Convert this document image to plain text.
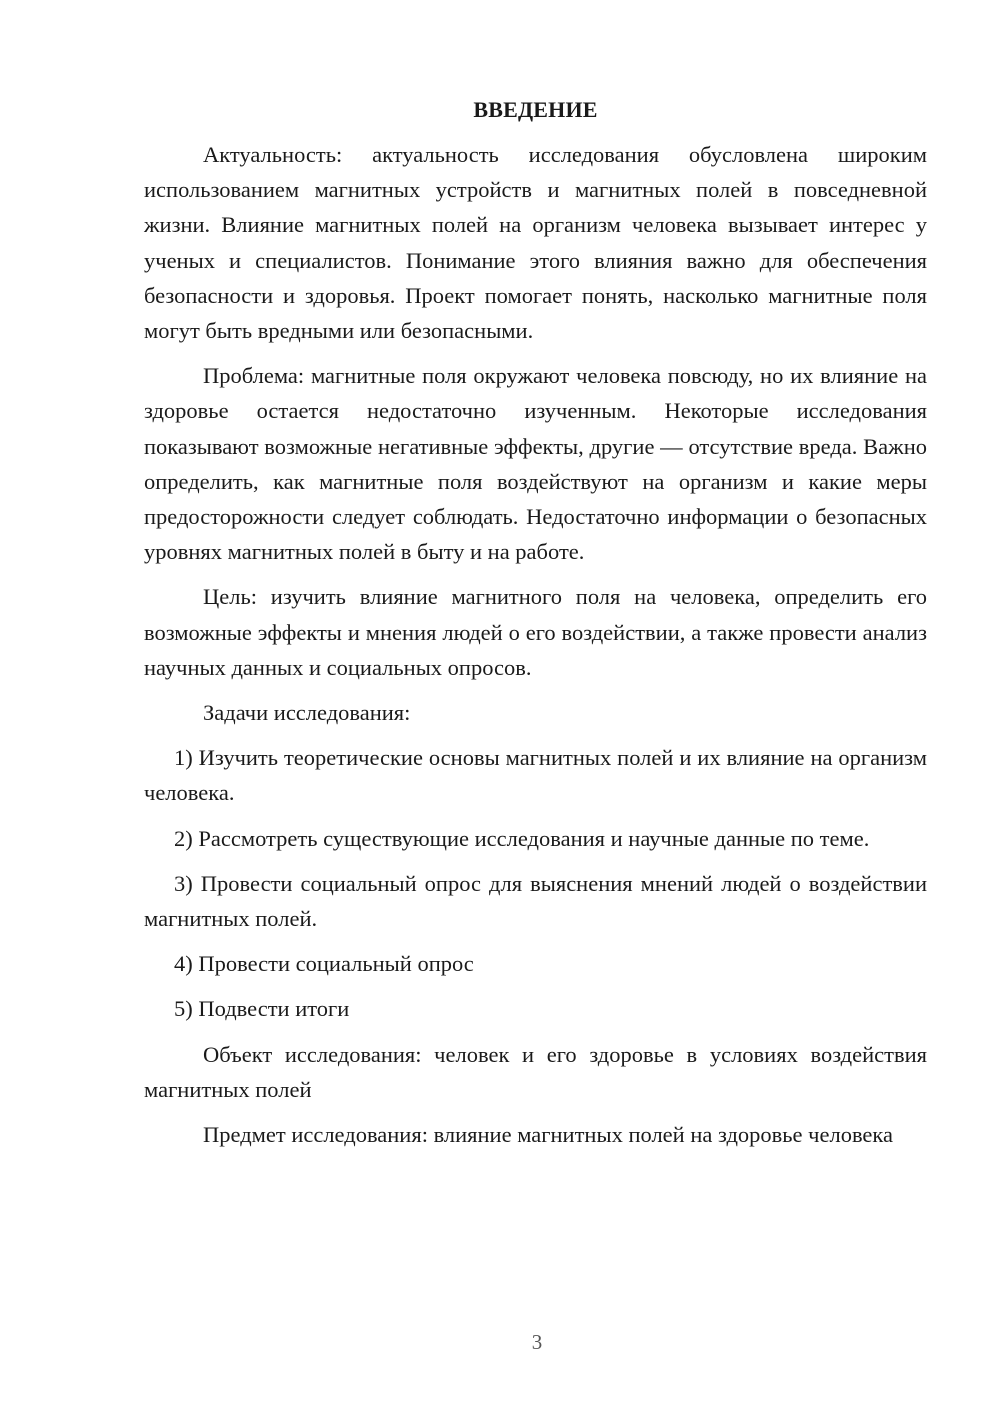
ВВЕДЕНИЕ

Актуальность: актуальность исследования обусловлена широким использованием магнитных устройств и магнитных полей в повседневной жизни. Влияние магнитных полей на организм человека вызывает интерес у ученых и специалистов. Понимание этого влияния важно для обеспечения безопасности и здоровья. Проект помогает понять, насколько магнитные поля могут быть вредными или безопасными.

Проблема: магнитные поля окружают человека повсюду, но их влияние на здоровье остается недостаточно изученным. Некоторые исследования показывают возможные негативные эффекты, другие — отсутствие вреда. Важно определить, как магнитные поля воздействуют на организм и какие меры предосторожности следует соблюдать. Недостаточно информации о безопасных уровнях магнитных полей в быту и на работе.

Цель: изучить влияние магнитного поля на человека, определить его возможные эффекты и мнения людей о его воздействии, а также провести анализ научных данных и социальных опросов.

Задачи исследования:

1) Изучить теоретические основы магнитных полей и их влияние на организм человека.

2) Рассмотреть существующие исследования и научные данные по теме.

3) Провести социальный опрос для выяснения мнений людей о воздействии магнитных полей.

4) Провести социальный опрос

5) Подвести итоги

Объект исследования: человек и его здоровье в условиях воздействия магнитных полей

Предмет исследования: влияние магнитных полей на здоровье человека

3
